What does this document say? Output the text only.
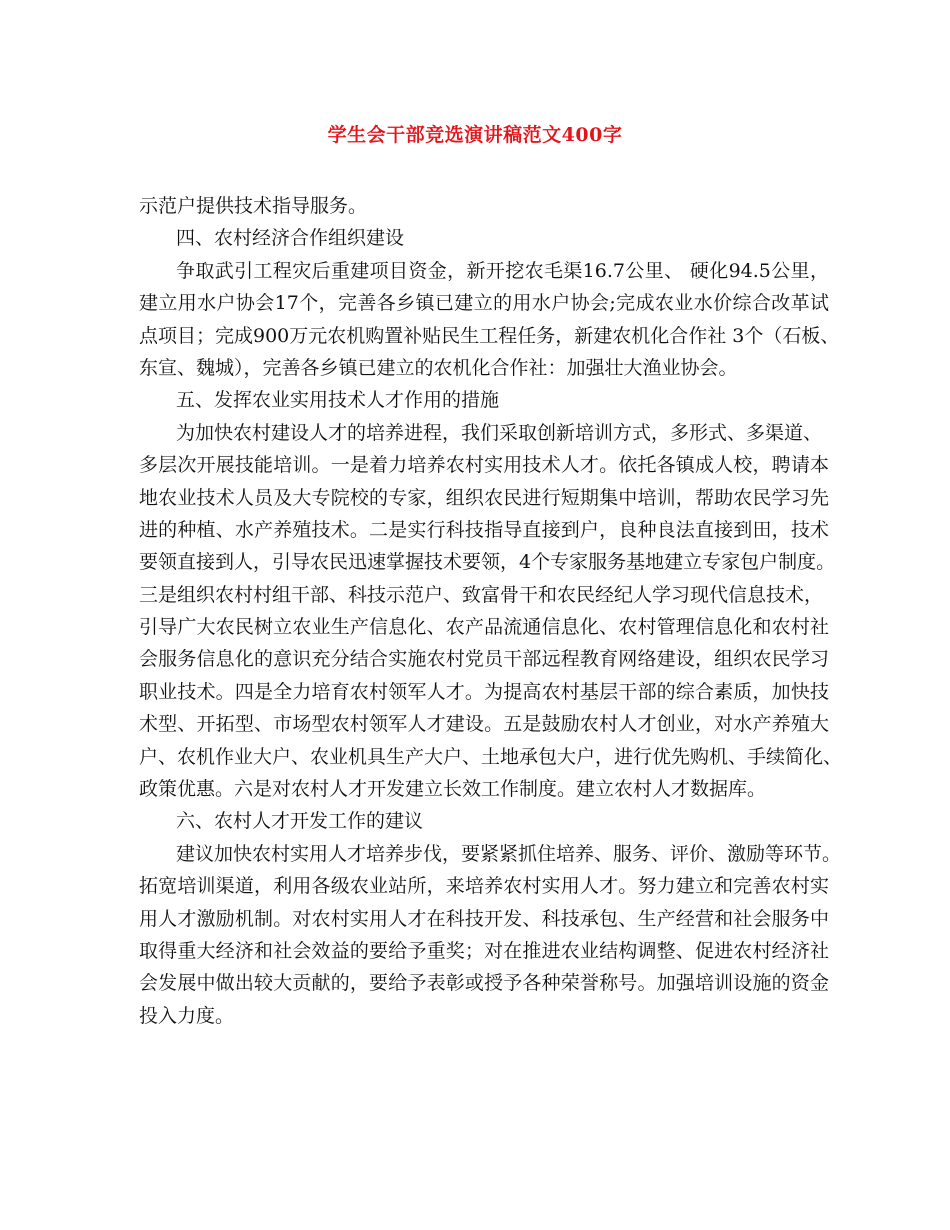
学生会干部竞选演讲稿范文400字
示范户提供技术指导服务。
四、农村经济合作组织建设
争取武引工程灾后重建项目资金，新开挖农毛渠16.7公里、 硬化94.5公里，
建立用水户协会17个，完善各乡镇已建立的用水户协会;完成农业水价综合改革试
点项目；完成900万元农机购置补贴民生工程任务，新建农机化合作社 3个（石板、
东宣、魏城），完善各乡镇已建立的农机化合作社：加强壮大渔业协会。
五、发挥农业实用技术人才作用的措施
为加快农村建设人才的培养进程，我们采取创新培训方式，多形式、多渠道、
多层次开展技能培训。一是着力培养农村实用技术人才。依托各镇成人校，聘请本
地农业技术人员及大专院校的专家，组织农民进行短期集中培训，帮助农民学习先
进的种植、水产养殖技术。二是实行科技指导直接到户，良种良法直接到田，技术
要领直接到人，引导农民迅速掌握技术要领，4个专家服务基地建立专家包户制度。
三是组织农村村组干部、科技示范户、致富骨干和农民经纪人学习现代信息技术，
引导广大农民树立农业生产信息化、农产品流通信息化、农村管理信息化和农村社
会服务信息化的意识充分结合实施农村党员干部远程教育网络建设，组织农民学习
职业技术。四是全力培育农村领军人才。为提高农村基层干部的综合素质，加快技
术型、开拓型、市场型农村领军人才建设。五是鼓励农村人才创业，对水产养殖大
户、农机作业大户、农业机具生产大户、土地承包大户，进行优先购机、手续简化、
政策优惠。六是对农村人才开发建立长效工作制度。建立农村人才数据库。
六、农村人才开发工作的建议
建议加快农村实用人才培养步伐，要紧紧抓住培养、服务、评价、激励等环节。
拓宽培训渠道，利用各级农业站所，来培养农村实用人才。努力建立和完善农村实
用人才激励机制。对农村实用人才在科技开发、科技承包、生产经营和社会服务中
取得重大经济和社会效益的要给予重奖；对在推进农业结构调整、促进农村经济社
会发展中做出较大贡献的，要给予表彰或授予各种荣誉称号。加强培训设施的资金
投入力度。
